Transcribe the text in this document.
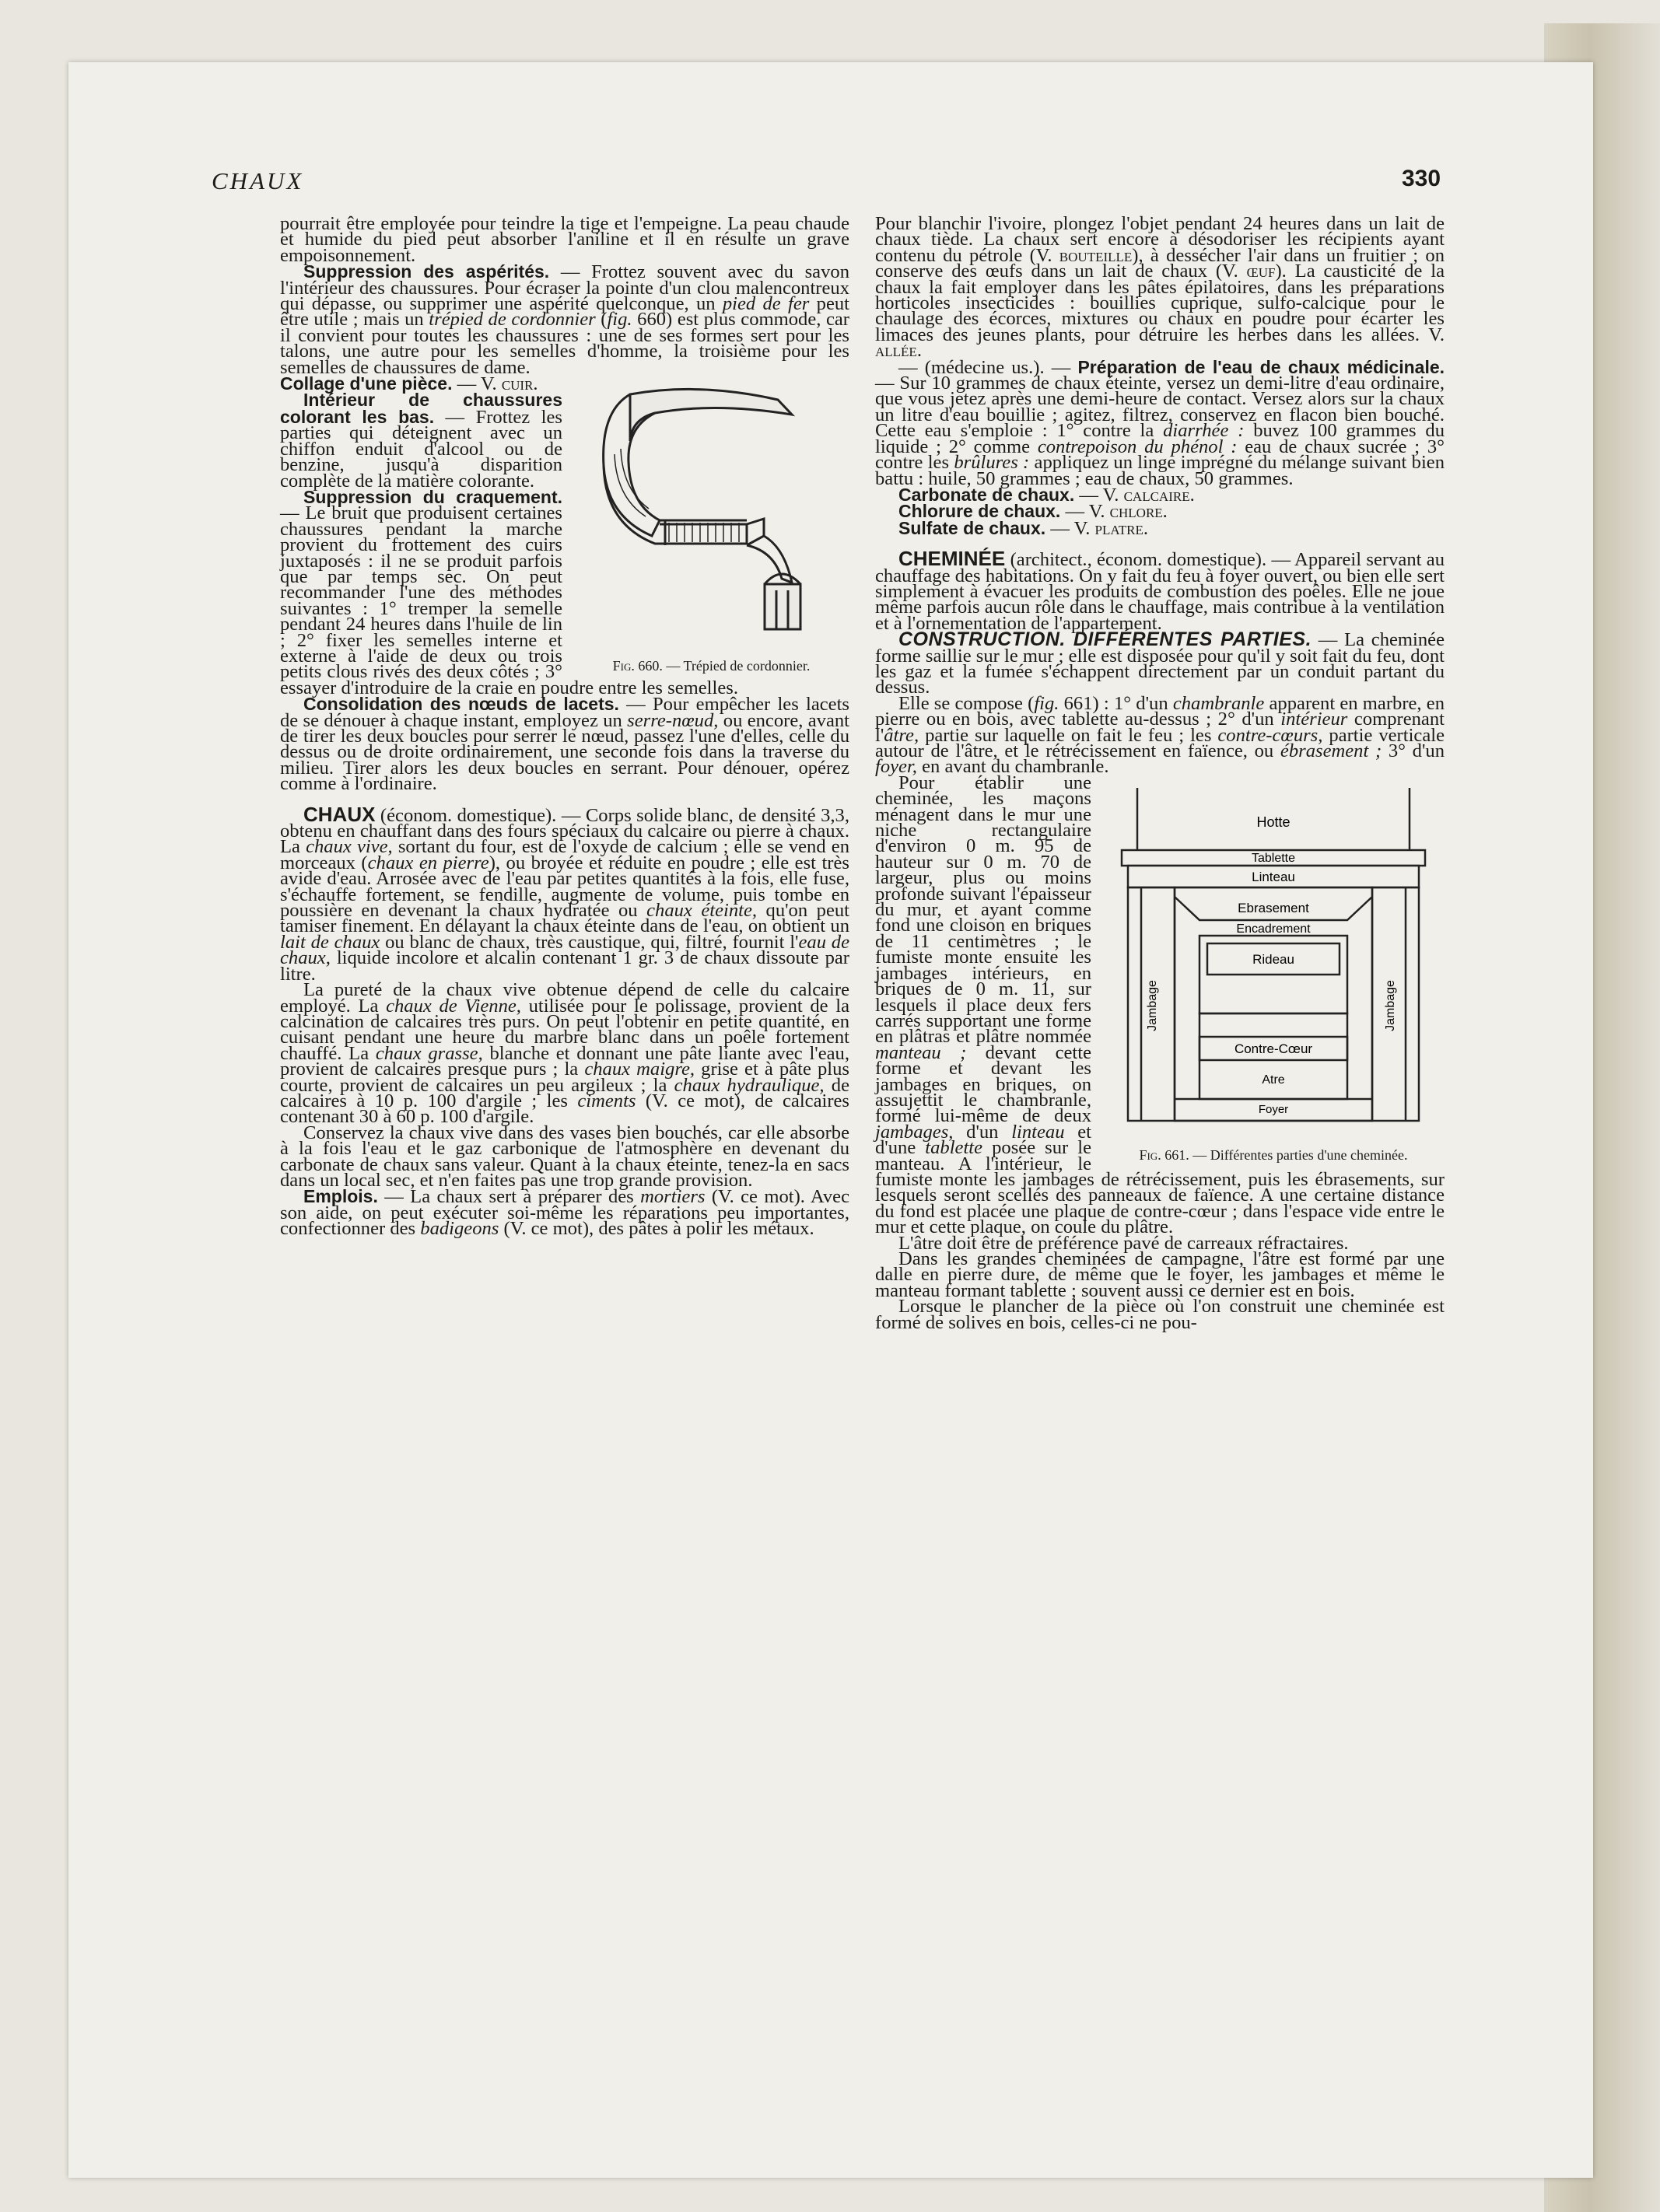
CHAUX	330

pourrait être employée pour teindre la tige et l'empeigne. La peau chaude et humide du pied peut absorber l'aniline et il en résulte un grave empoisonnement.

Suppression des aspérités. — Frottez souvent avec du savon l'intérieur des chaussures. Pour écraser la pointe d'un clou malencontreux qui dépasse, ou supprimer une aspérité quelconque, un pied de fer peut être utile ; mais un trépied de cordonnier (fig. 660) est plus commode, car il convient pour toutes les chaussures : une de ses formes sert pour les talons, une autre pour les semelles d'homme, la troisième pour les semelles de chaussures de dame.

Fig. 660. — Trépied de cordonnier.

Collage d'une pièce. — V. cuir.

Intérieur de chaussures colorant les bas. — Frottez les parties qui déteignent avec un chiffon enduit d'alcool ou de benzine, jusqu'à disparition complète de la matière colorante.

Suppression du craquement. — Le bruit que produisent certaines chaussures pendant la marche provient du frottement des cuirs juxtaposés : il ne se produit parfois que par temps sec. On peut recommander l'une des méthodes suivantes : 1° tremper la semelle pendant 24 heures dans l'huile de lin ; 2° fixer les semelles interne et externe à l'aide de deux ou trois petits clous rivés des deux côtés ; 3° essayer d'introduire de la craie en poudre entre les semelles.

Consolidation des nœuds de lacets. — Pour empêcher les lacets de se dénouer à chaque instant, employez un serre-nœud, ou encore, avant de tirer les deux boucles pour serrer le nœud, passez l'une d'elles, celle du dessus ou de droite ordinairement, une seconde fois dans la traverse du milieu. Tirer alors les deux boucles en serrant. Pour dénouer, opérez comme à l'ordinaire.

CHAUX (économ. domestique). — Corps solide blanc, de densité 3,3, obtenu en chauffant dans des fours spéciaux du calcaire ou pierre à chaux. La chaux vive, sortant du four, est de l'oxyde de calcium ; elle se vend en morceaux (chaux en pierre), ou broyée et réduite en poudre ; elle est très avide d'eau. Arrosée avec de l'eau par petites quantités à la fois, elle fuse, s'échauffe fortement, se fendille, augmente de volume, puis tombe en poussière en devenant la chaux hydratée ou chaux éteinte, qu'on peut tamiser finement. En délayant la chaux éteinte dans de l'eau, on obtient un lait de chaux ou blanc de chaux, très caustique, qui, filtré, fournit l'eau de chaux, liquide incolore et alcalin contenant 1 gr. 3 de chaux dissoute par litre.

La pureté de la chaux vive obtenue dépend de celle du calcaire employé. La chaux de Vienne, utilisée pour le polissage, provient de la calcination de calcaires très purs. On peut l'obtenir en petite quantité, en cuisant pendant une heure du marbre blanc dans un poêle fortement chauffé. La chaux grasse, blanche et donnant une pâte liante avec l'eau, provient de calcaires presque purs ; la chaux maigre, grise et à pâte plus courte, provient de calcaires un peu argileux ; la chaux hydraulique, de calcaires à 10 p. 100 d'argile ; les ciments (V. ce mot), de calcaires contenant 30 à 60 p. 100 d'argile.

Conservez la chaux vive dans des vases bien bouchés, car elle absorbe à la fois l'eau et le gaz carbonique de l'atmosphère en devenant du carbonate de chaux sans valeur. Quant à la chaux éteinte, tenez-la en sacs dans un local sec, et n'en faites pas une trop grande provision.

Emplois. — La chaux sert à préparer des mortiers (V. ce mot). Avec son aide, on peut exécuter soi-même les réparations peu importantes, confectionner des badigeons (V. ce mot), des pâtes à polir les métaux.

Pour blanchir l'ivoire, plongez l'objet pendant 24 heures dans un lait de chaux tiède. La chaux sert encore à désodoriser les récipients ayant contenu du pétrole (V. bouteille), à dessécher l'air dans un fruitier ; on conserve des œufs dans un lait de chaux (V. œuf). La causticité de la chaux la fait employer dans les pâtes épilatoires, dans les préparations horticoles insecticides : bouillies cuprique, sulfo-calcique pour le chaulage des écorces, mixtures ou chaux en poudre pour écarter les limaces des jeunes plants, pour détruire les herbes dans les allées. V. allée.

— (médecine us.). — Préparation de l'eau de chaux médicinale. — Sur 10 grammes de chaux éteinte, versez un demi-litre d'eau ordinaire, que vous jetez après une demi-heure de contact. Versez alors sur la chaux un litre d'eau bouillie ; agitez, filtrez, conservez en flacon bien bouché. Cette eau s'emploie : 1° contre la diarrhée : buvez 100 grammes du liquide ; 2° comme contrepoison du phénol : eau de chaux sucrée ; 3° contre les brûlures : appliquez un linge imprégné du mélange suivant bien battu : huile, 50 grammes ; eau de chaux, 50 grammes.

Carbonate de chaux. — V. calcaire.

Chlorure de chaux. — V. chlore.

Sulfate de chaux. — V. platre.

CHEMINÉE (architect., économ. domestique). — Appareil servant au chauffage des habitations. On y fait du feu à foyer ouvert, ou bien elle sert simplement à évacuer les produits de combustion des poêles. Elle ne joue même parfois aucun rôle dans le chauffage, mais contribue à la ventilation et à l'ornementation de l'appartement.

CONSTRUCTION. DIFFÉRENTES PARTIES. — La cheminée forme saillie sur le mur ; elle est disposée pour qu'il y soit fait du feu, dont les gaz et la fumée s'échappent directement par un conduit partant du dessus.

Elle se compose (fig. 661) : 1° d'un chambranle apparent en marbre, en pierre ou en bois, avec tablette au-dessus ; 2° d'un intérieur comprenant l'âtre, partie sur laquelle on fait le feu ; les contre-cœurs, partie verticale autour de l'âtre, et le rétrécissement en faïence, ou ébrasement ; 3° d'un foyer, en avant du chambranle.

Hotte
Tablette
Linteau
Ebrasement
Encadrement
Rideau
Contre-Cœur
Atre
Foyer
Jambage	Jambage
Fig. 661. — Différentes parties d'une cheminée.

Pour établir une cheminée, les maçons ménagent dans le mur une niche rectangulaire d'environ 0 m. 95 de hauteur sur 0 m. 70 de largeur, plus ou moins profonde suivant l'épaisseur du mur, et ayant comme fond une cloison en briques de 11 centimètres ; le fumiste monte ensuite les jambages intérieurs, en briques de 0 m. 11, sur lesquels il place deux fers carrés supportant une forme en plâtras et plâtre nommée manteau ; devant cette forme et devant les jambages en briques, on assujettit le chambranle, formé lui-même de deux jambages, d'un linteau et d'une tablette posée sur le manteau. A l'intérieur, le fumiste monte les jambages de rétrécissement, puis les ébrasements, sur lesquels seront scellés des panneaux de faïence. A une certaine distance du fond est placée une plaque de contre-cœur ; dans l'espace vide entre le mur et cette plaque, on coule du plâtre.

L'âtre doit être de préférence pavé de carreaux réfractaires.

Dans les grandes cheminées de campagne, l'âtre est formé par une dalle en pierre dure, de même que le foyer, les jambages et même le manteau formant tablette ; souvent aussi ce dernier est en bois.

Lorsque le plancher de la pièce où l'on construit une cheminée est formé de solives en bois, celles-ci ne pou-
